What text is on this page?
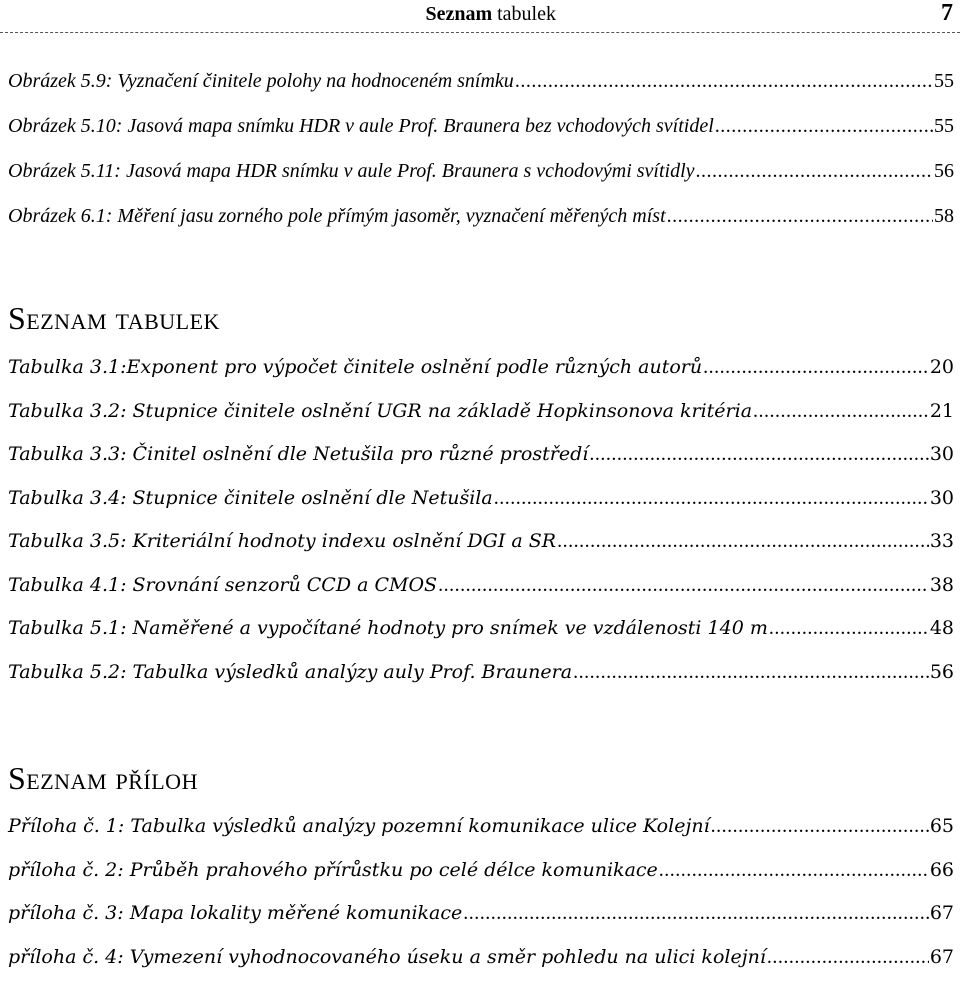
Seznam tabulek	7
Obrázek 5.9: Vyznačení činitele polohy na hodnoceném snímku .....	55
Obrázek 5.10: Jasová mapa snímku HDR v aule Prof. Braunera bez vchodových svítidel .....	55
Obrázek 5.11: Jasová mapa HDR snímku v aule Prof. Braunera s vchodovými svítidly .....	56
Obrázek 6.1: Měření jasu zorného pole přímým jasoměr, vyznačení měřených míst .....	58
Seznam tabulek
Tabulka 3.1:Exponent pro výpočet činitele oslnění podle různých autorů .....	20
Tabulka 3.2: Stupnice činitele oslnění UGR na základě Hopkinsonova kritéria .....	21
Tabulka 3.3: Činitel oslnění dle Netušila pro různé prostředí .....	30
Tabulka 3.4: Stupnice činitele oslnění dle Netušila .....	30
Tabulka 3.5: Kriteriální hodnoty indexu oslnění DGI a SR .....	33
Tabulka 4.1: Srovnání senzorů CCD a CMOS .....	38
Tabulka 5.1: Naměřené a vypočítané hodnoty pro snímek ve vzdálenosti 140 m .....	48
Tabulka 5.2: Tabulka výsledků analýzy auly Prof. Braunera .....	56
Seznam příloh
Příloha č. 1: Tabulka výsledků analýzy pozemní komunikace ulice Kolejní .....	65
příloha č. 2: Průběh prahového přírůstku po celé délce komunikace .....	66
příloha č. 3: Mapa lokality měřené komunikace .....	67
příloha č. 4: Vymezení vyhodnocovaného úseku a směr pohledu na ulici kolejní .....	67
